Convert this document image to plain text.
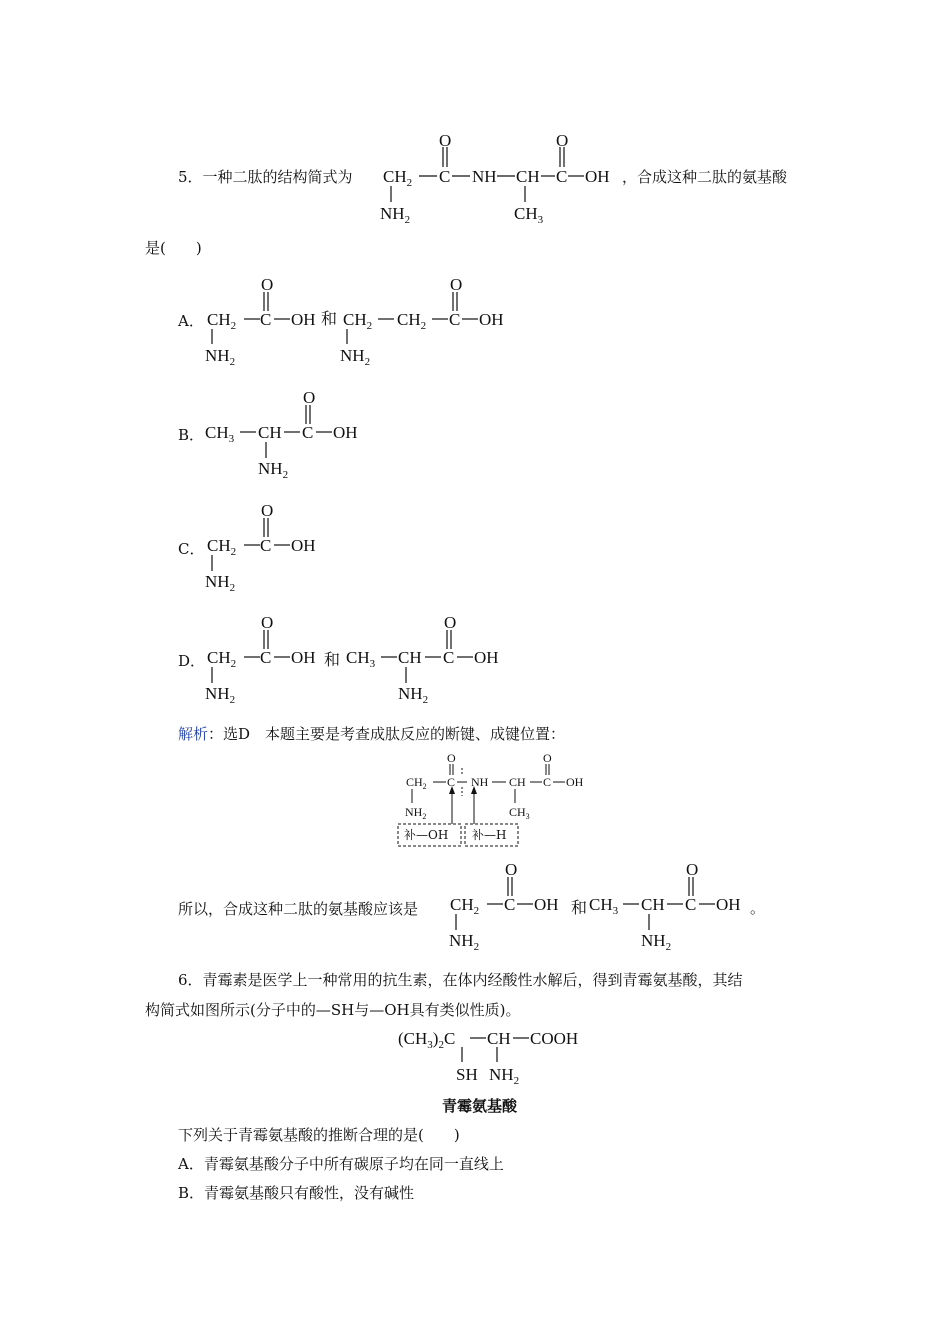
5．一种二肽的结构简式为	，合成这种二肽的氨基酸
是(　　)
O	O
$CH_2$ C NH CH C OH
$NH_2$	$CH_3$
A．
O
$CH_2$ C OH
$NH_2$
O
$CH_2$ $CH_2$ C OH
$NH_2$
和
B．
O
$CH_3$ CH C OH
$NH_2$
C．
O
$CH_2$ C OH
$NH_2$
D．
O
$CH_2$ C OH
$NH_2$
O
$CH_3$ CH C OH
$NH_2$
和
解析：选D　本题主要是考查成肽反应的断键、成键位置：
O	O
$CH_2$ C NH CH C OH
$NH_2$	$CH_3$
补—OH 补—H
所以，合成这种二肽的氨基酸应该是
O
$CH_2$ C OH
$NH_2$
O
$CH_3$ CH C OH
$NH_2$
和	。
6．青霉素是医学上一种常用的抗生素，在体内经酸性水解后，得到青霉氨基酸，其结
构简式如图所示(分子中的—SH与—OH具有类似性质)。
$(CH_3)_2C$ CH COOH
SH $NH_2$
青霉氨基酸
下列关于青霉氨基酸的推断合理的是(　　)
A．青霉氨基酸分子中所有碳原子均在同一直线上
B．青霉氨基酸只有酸性，没有碱性
